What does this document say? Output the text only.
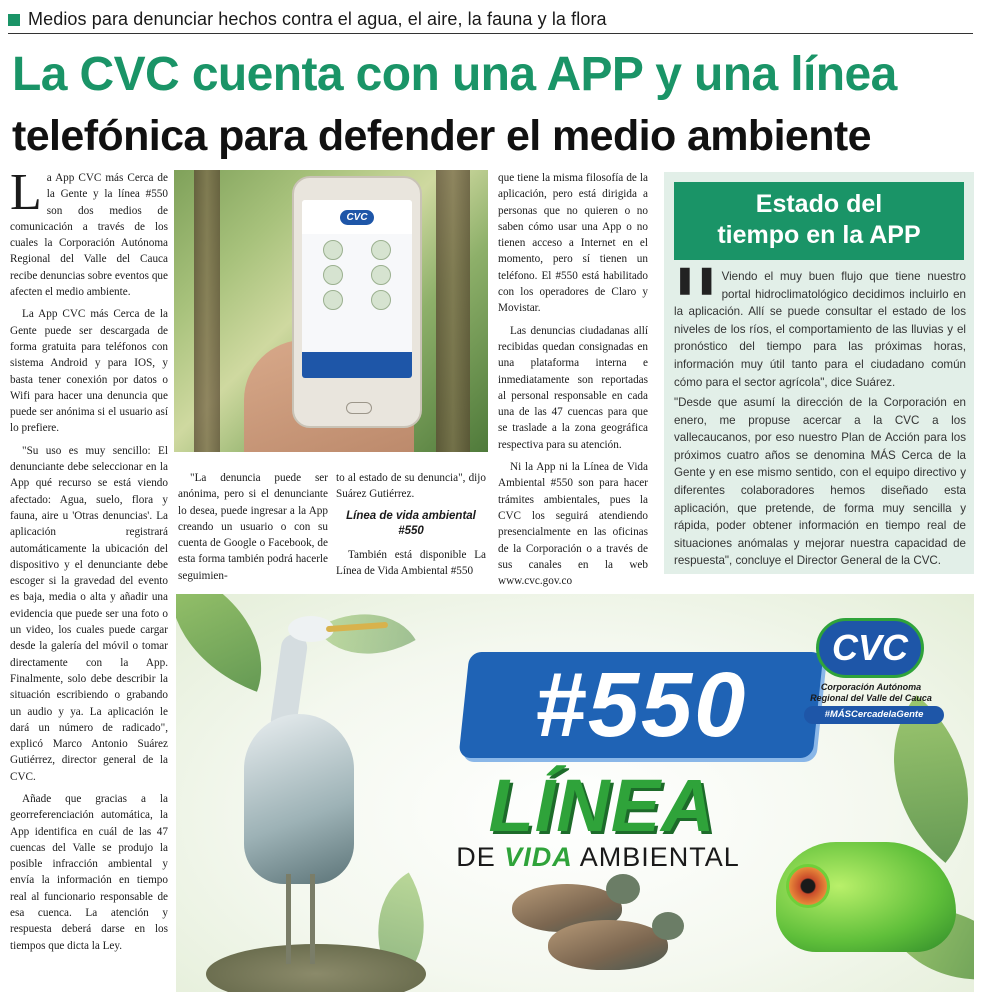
Medios para denunciar hechos contra el agua, el aire, la fauna y la flora
La CVC cuenta con una APP y una línea
telefónica para defender el medio ambiente

La App CVC más Cerca de la Gente y la línea #550 son dos medios de comunicación a través de los cuales la Corporación Autónoma Regional del Valle del Cauca recibe denuncias sobre eventos que afecten el medio ambiente.

La App CVC más Cerca de la Gente puede ser descargada de forma gratuita para teléfonos con sistema Android y para IOS, y basta tener conexión por datos o Wifi para hacer una denuncia que puede ser anónima si el usuario así lo prefiere.

"Su uso es muy sencillo: El denunciante debe seleccionar en la App qué recurso se está viendo afectado: Agua, suelo, flora y fauna, aire u 'Otras denuncias'. La aplicación registrará automáticamente la ubicación del dispositivo y el denunciante debe escoger si la gravedad del evento es baja, media o alta y añadir una evidencia que puede ser una foto o un video, los cuales puede cargar desde la galería del móvil o tomar directamente con la App. Finalmente, solo debe describir la situación escribiendo o grabando un audio y ya. La aplicación le dará un número de radicado", explicó Marco Antonio Suárez Gutiérrez, director general de la CVC.

Añade que gracias a la georreferenciación automática, la App identifica en cuál de las 47 cuencas del Valle se produjo la posible infracción ambiental y envía la información en tiempo real al funcionario responsable de esa cuenca. La atención y respuesta deberá darse en los tiempos que dicta la Ley.

CVC

"La denuncia puede ser anónima, pero si el denunciante lo desea, puede ingresar a la App creando un usuario o con su cuenta de Google o Facebook, de esta forma también podrá hacerle seguimien-

to al estado de su denuncia", dijo Suárez Gutiérrez.

Línea de vida ambiental #550

También está disponible La Línea de Vida Ambiental #550

que tiene la misma filosofía de la aplicación, pero está dirigida a personas que no quieren o no saben cómo usar una App o no tienen acceso a Internet en el momento, pero sí tienen un teléfono. El #550 está habilitado con los operadores de Claro y Movistar.

Las denuncias ciudadanas allí recibidas quedan consignadas en una plataforma interna e inmediatamente son reportadas al personal responsable en cada una de las 47 cuencas para que se traslade a la zona geográfica respectiva para su atención.

Ni la App ni la Línea de Vida Ambiental #550 son para hacer trámites ambientales, pues la CVC los seguirá atendiendo presencialmente en las oficinas de la Corporación o a través de sus canales en la web www.cvc.gov.co

Estado del
tiempo en la APP
❚❚ Viendo el muy buen flujo que tiene nuestro portal hidroclimatológico decidimos incluirlo en la aplicación. Allí se puede consultar el estado de los niveles de los ríos, el comportamiento de las lluvias y el pronóstico del tiempo para las próximas horas, información muy útil tanto para el ciudadano común cómo para el sector agrícola", dice Suárez.
"Desde que asumí la dirección de la Corporación en enero, me propuse acercar a la CVC a los vallecaucanos, por eso nuestro Plan de Acción para los próximos cuatro años se denomina MÁS Cerca de la Gente y en ese mismo sentido, con el equipo directivo y diferentes colaboradores hemos diseñado esta aplicación, que pretende, de forma muy sencilla y rápida, poder obtener información en tiempo real de situaciones anómalas y mejorar nuestra capacidad de respuesta", concluye el Director General de la CVC.
#550
LÍNEA
DE VIDA AMBIENTAL
CVC
Corporación Autónoma
Regional del Valle del Cauca
#MÁSCercadelaGente
